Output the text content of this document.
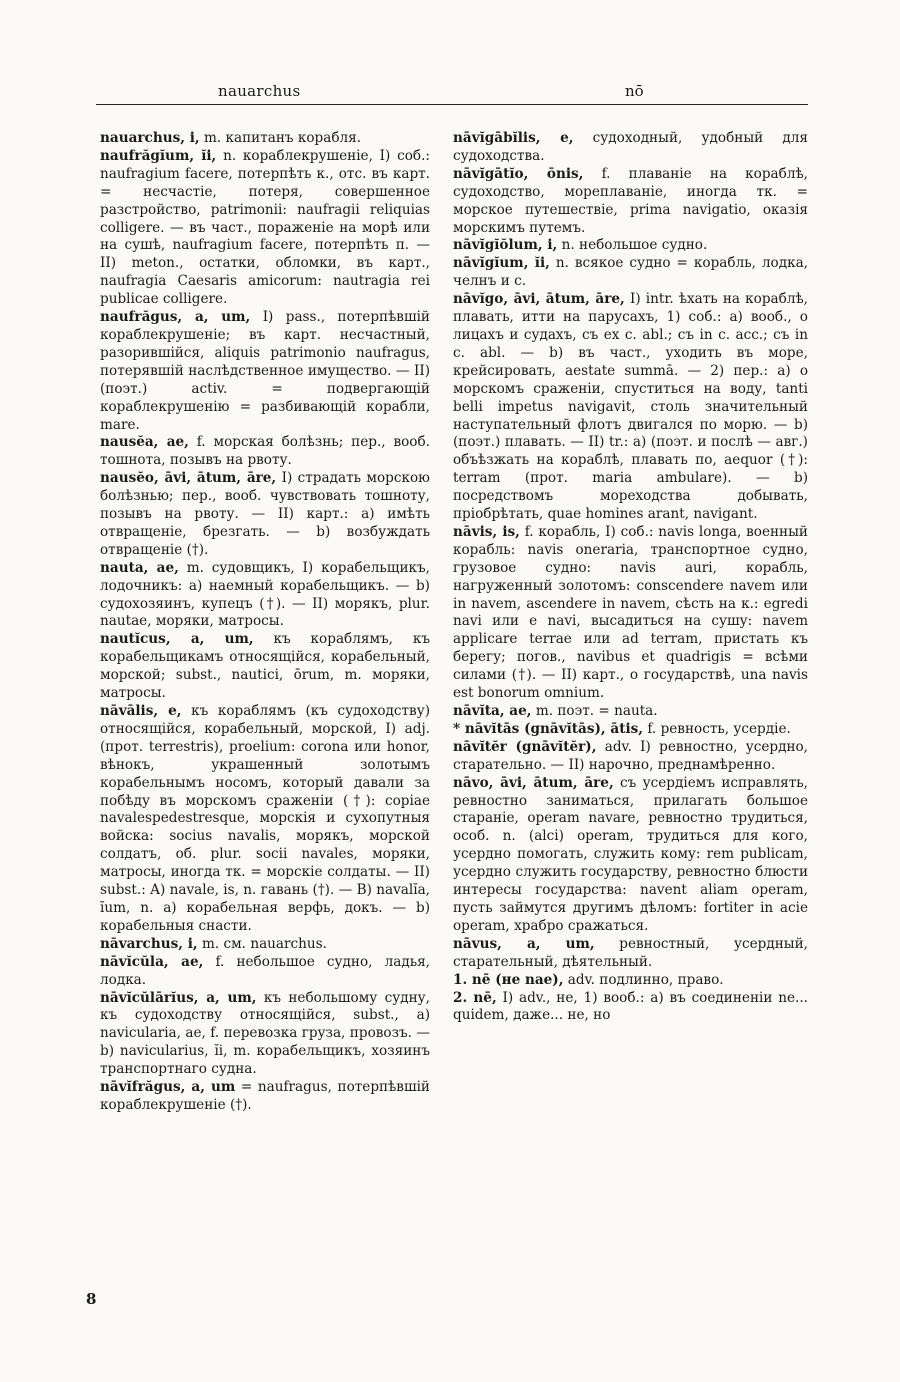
nauarchus	nō

nauarchus, i, m. капитанъ корабля.

naufrăgĭum, ĭi, n. кораблекрушеніе, I) соб.: naufragium facere, потерпѣть к., отс. въ карт. = несчастіе, потеря, совершенное разстройство, patrimonii: naufragii reliquias colligere. — въ част., пораженіе на морѣ или на сушѣ, naufragium facere, потерпѣть п. — II) meton., остатки, обломки, въ карт., naufragia Caesaris amicorum: nautragia rei publicae colligere.

naufrăgus, a, um, I) pass., потерпѣвшій кораблекрушеніе; въ карт. несчастный, разорившійся, aliquis patrimonio naufragus, потерявшій наслѣдственное имущество. — II) (поэт.) activ. = подвергающій кораблекрушенію = разбивающій корабли, mare.

nausĕa, ae, f. морская болѣзнь; пер., вооб. тошнота, позывъ на рвоту.

nausĕo, āvi, ātum, āre, I) страдать морскою болѣзнью; пер., вооб. чувствовать тошноту, позывъ на рвоту. — II) карт.: a) имѣть отвращеніе, брезгать. — b) возбуждать отвращеніе (†).

nauta, ae, m. судовщикъ, I) корабельщикъ, лодочникъ: a) наемный корабельщикъ. — b) судохозяинъ, купецъ (†). — II) морякъ, plur. nautae, моряки, матросы.

nautĭcus, a, um, къ кораблямъ, къ корабельщикамъ относящійся, корабельный, морской; subst., nautici, ōrum, m. моряки, матросы.

nāvālis, e, къ кораблямъ (къ судоходству) относящійся, корабельный, морской, I) adj. (прот. terrestris), proelium: corona или honor, вѣнокъ, украшенный золотымъ корабельнымъ носомъ, который давали за побѣду въ морскомъ сраженіи (†): copiae navalespedestresque, морскія и сухопутныя войска: socius navalis, морякъ, морской солдатъ, об. plur. socii navales, моряки, матросы, иногда тк. = морскіе солдаты. — II) subst.: A) navale, is, n. гавань (†). — B) navalĭa, ĭum, n. a) корабельная верфь, докъ. — b) корабельныя снасти.

nāvarchus, i, m. см. nauarchus.

nāvĭcŭla, ae, f. небольшое судно, ладья, лодка.

nāvĭcŭlārĭus, a, um, къ небольшому судну, къ судоходству относящійся, subst., a) navicularia, ae, f. перевозка груза, провозъ. — b) navicularius, ĭi, m. корабельщикъ, хозяинъ транспортнаго судна.

nāvĭfrăgus, a, um = naufragus, потерпѣвшій кораблекрушеніе (†).

nāvĭgābĭlis, e, судоходный, удобный для судоходства.

nāvĭgātĭo, ōnis, f. плаваніе на кораблѣ, судоходство, мореплаваніе, иногда тк. = морское путешествіе, prima navigatio, оказія морскимъ путемъ.

nāvĭgĭŏlum, i, n. небольшое судно.

nāvĭgĭum, ĭi, n. всякое судно = корабль, лодка, челнъ и с.

nāvĭgo, āvi, ātum, āre, I) intr. ѣхать на кораблѣ, плавать, итти на парусахъ, 1) соб.: a) вооб., о лицахъ и судахъ, съ ex c. abl.; съ in c. acc.; съ in c. abl. — b) въ част., уходить въ море, крейсировать, aestate summā. — 2) пер.: a) о морскомъ сраженіи, спуститься на воду, tanti belli impetus navigavit, столь значительный наступательный флотъ двигался по морю. — b) (поэт.) плавать. — II) tr.: a) (поэт. и послѣ — авг.) объѣзжать на кораблѣ, плавать по, aequor (†): terram (прот. maria ambulare). — b) посредствомъ мореходства добывать, пріобрѣтать, quae homines arant, navigant.

nāvis, is, f. корабль, I) соб.: navis longa, военный корабль: navis oneraria, транспортное судно, грузовое судно: navis auri, корабль, нагруженный золотомъ: conscendere navem или in navem, ascendere in navem, сѣсть на к.: egredi navi или e navi, высадиться на сушу: navem applicare terrae или ad terram, пристать къ берегу; погов., navibus et quadrigis = всѣми силами (†). — II) карт., о государствѣ, una navis est bonorum omnium.

nāvĭta, ae, m. поэт. = nauta.

* nāvĭtās (gnāvĭtās), ātis, f. ревность, усердіе.

nāvĭtĕr (gnāvĭtĕr), adv. I) ревностно, усердно, старательно. — II) нарочно, преднамѣренно.

nāvo, āvi, ātum, āre, съ усердіемъ исправлять, ревностно заниматься, прилагать большое стараніе, operam navare, ревностно трудиться, особ. n. (alci) operam, трудиться для кого, усердно помогать, служить кому: rem publicam, усердно служить государству, ревностно блюсти интересы государства: navent aliam operam, пусть займутся другимъ дѣломъ: fortiter in acie operam, храбро сражаться.

nāvus, a, um, ревностный, усердный, старательный, дѣятельный.

1. nē (не nae), adv. подлинно, право.

2. nē, I) adv., не, 1) вооб.: a) въ соединеніи ne... quidem, даже... не, но

8
